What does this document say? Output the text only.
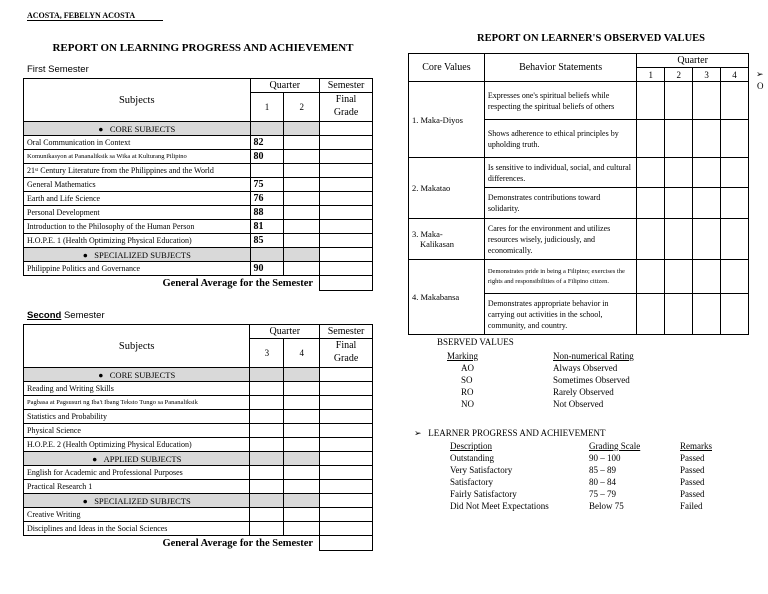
ACOSTA, FEBELYN ACOSTA
REPORT ON LEARNING PROGRESS AND ACHIEVEMENT
First Semester
Subjects	Quarter		Semester
	1	2	Final
Grade

●   CORE SUBJECTS			
Oral Communication in Context	82		
Komunikasyon at Pananaliksik sa Wika at Kulturang Pilipino	80		
21ˢᵗ Century Literature from the Philippines and the World			
General Mathematics	75		
Earth and Life Science	76		
Personal Development	88		
Introduction to the Philosophy of the Human Person	81		
H.O.P.E. 1 (Health Optimizing Physical Education)	85		
●   SPECIALIZED SUBJECTS			
Philippine Politics and Governance	90		
General Average for the Semester			
Second Semester
Subjects	Quarter		Semester
	3	4	Final
Grade

●   CORE SUBJECTS			
Reading and Writing Skills			
Pagbasa at Pagsusuri ng Iba't Ibang Teksto Tungo sa Pananaliksik			
Statistics and Probability			
Physical Science			
H.O.P.E. 2 (Health Optimizing Physical Education)			
●   APPLIED SUBJECTS			
English for Academic and Professional Purposes			
Practical Research 1			
●   SPECIALIZED SUBJECTS			
Creative Writing			
Disciplines and Ideas in the Social Sciences			
General Average for the Semester			
REPORT ON LEARNER'S OBSERVED VALUES
Core Values	Behavior Statements	Quarter			
		1	2	3	4
1. Maka-Diyos	Expresses one's spiritual beliefs while respecting the spiritual beliefs of others				
	Shows adherence to ethical principles by upholding truth.				
2. Makatao	Is sensitive to individual, social, and cultural differences.				
	Demonstrates contributions toward solidarity.				

3. Maka-
Kalikasan	Cares for the environment and utilizes resources wisely, judiciously, and economically.				
4. Makabansa	Demonstrates pride in being a Filipino; exercises the rights and responsibilities of a Filipino citizen.				
	Demonstrates appropriate behavior in carrying out activities in the school, community, and country.				
➢
O
BSERVED VALUES
Marking	Non-numerical Rating
AO	Always Observed
SO	Sometimes Observed
RO	Rarely Observed
NO	Not Observed
➢ LEARNER PROGRESS AND ACHIEVEMENT
Description	Grading Scale	Remarks
Outstanding	90 – 100	Passed
Very Satisfactory	85 – 89	Passed
Satisfactory	80 – 84	Passed
Fairly Satisfactory	75 – 79	Passed
Did Not Meet Expectations	Below 75	Failed
